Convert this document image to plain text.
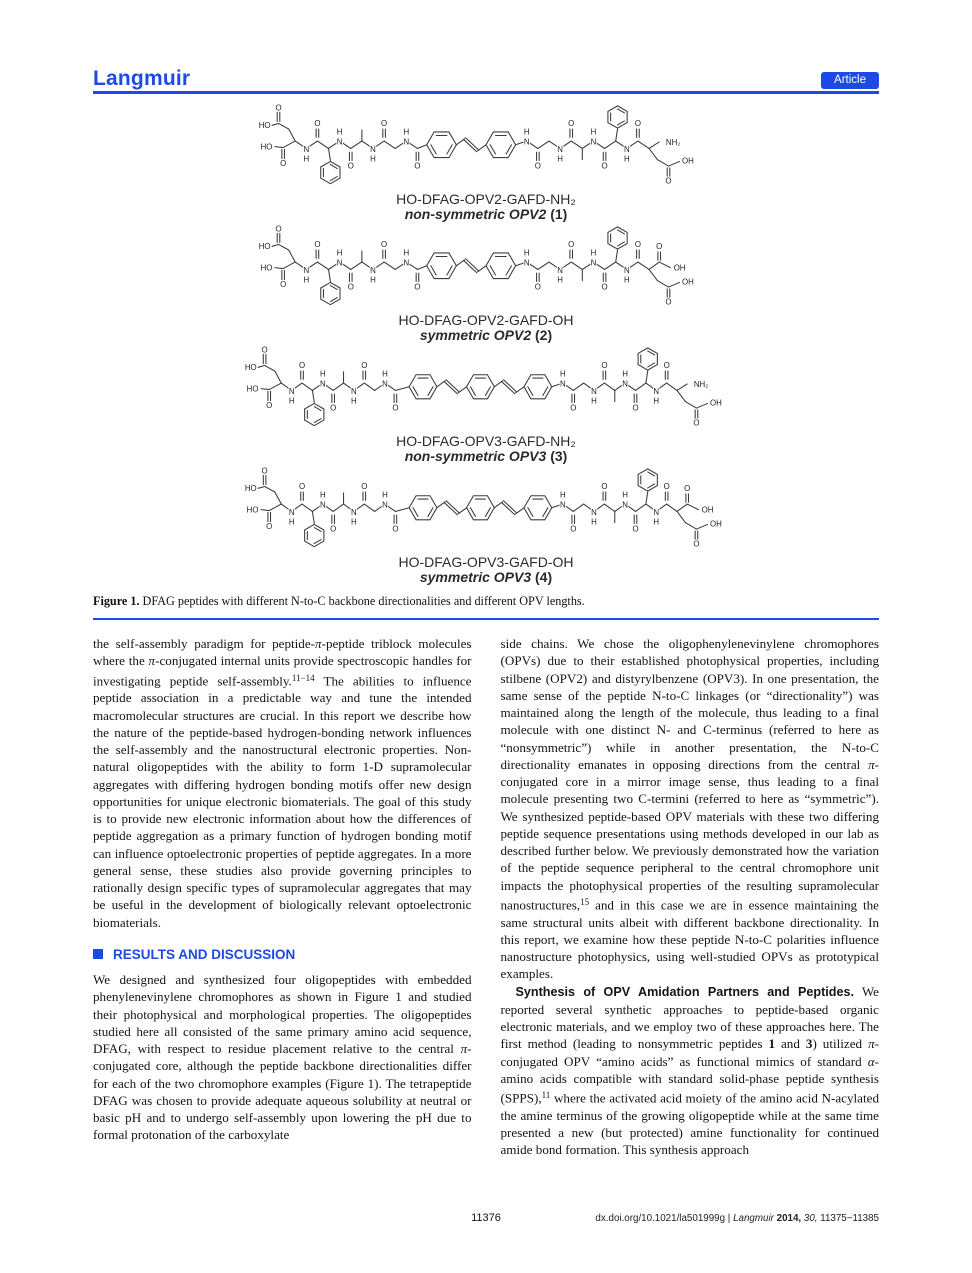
Langmuir	Article
O
HO
O
HO	N
H
O
N
H
O
N
H
O
N
H
O
N
H
O
N
H
O
N
H
O
N
H
O
O
OH
NH₂
HO-DFAG-OPV2-GAFD-NH₂
non-symmetric OPV2 (1)
O
HO
O
HO	N
H
O
N
H
O
N
H
O
N
H
O
N
H
O
N
H
O
N
H
O
N
H
O
O
OH
O
OH
HO-DFAG-OPV2-GAFD-OH
symmetric OPV2 (2)
O
HO
O
HO	N
H
O
N
H
O
N
H
O
N
H
O
N
H
O
N
H
O
N
H
O
N
H
O
O
OH
NH₂
HO-DFAG-OPV3-GAFD-NH₂
non-symmetric OPV3 (3)
O
HO
O
HO	N
H
O
N
H
O
N
H
O
N
H
O
N
H
O
N
H
O
N
H
O
N
H
O
O
OH
O
OH
HO-DFAG-OPV3-GAFD-OH
symmetric OPV3 (4)
Figure 1. DFAG peptides with different N-to-C backbone directionalities and different OPV lengths.

the self-assembly paradigm for peptide-π-peptide triblock molecules where the π-conjugated internal units provide spectroscopic handles for investigating peptide self-assembly.$^{11-14}$ The abilities to influence peptide association in a predictable way and tune the intended macromolecular structures are crucial. In this report we describe how the nature of the peptide-based hydrogen-bonding network influences the self-assembly and the nanostructural electronic properties. Non-natural oligopeptides with the ability to form 1-D supramolecular aggregates with differing hydrogen bonding motifs offer new design opportunities for unique electronic biomaterials. The goal of this study is to provide new electronic information about how the differences of peptide aggregation as a primary function of hydrogen bonding motif can influence optoelectronic properties of peptide aggregates. In a more general sense, these studies also provide governing principles to rationally design specific types of supramolecular aggregates that may be useful in the development of biologically relevant optoelectronic biomaterials.

RESULTS AND DISCUSSION

We designed and synthesized four oligopeptides with embedded phenylenevinylene chromophores as shown in Figure 1 and studied their photophysical and morphological properties. The oligopeptides studied here all consisted of the same primary amino acid sequence, DFAG, with respect to residue placement relative to the central π-conjugated core, although the peptide backbone directionalities differ for each of the two chromophore examples (Figure 1). The tetrapeptide DFAG was chosen to provide adequate aqueous solubility at neutral or basic pH and to undergo self-assembly upon lowering the pH due to formal protonation of the carboxylate

side chains. We chose the oligophenylenevinylene chromophores (OPVs) due to their established photophysical properties, including stilbene (OPV2) and distyrylbenzene (OPV3). In one presentation, the same sense of the peptide N-to-C linkages (or “directionality”) was maintained along the length of the molecule, thus leading to a final molecule with one distinct N- and C-terminus (referred to here as “nonsymmetric”) while in another presentation, the N-to-C directionality emanates in opposing directions from the central π-conjugated core in a mirror image sense, thus leading to a final molecule presenting two C-termini (referred to here as “symmetric”). We synthesized peptide-based OPV materials with these two differing peptide sequence presentations using methods developed in our lab as described further below. We previously demonstrated how the variation of the peptide sequence peripheral to the central chromophore unit impacts the photophysical properties of the resulting supramolecular nanostructures,$^{15}$ and in this case we are in essence maintaining the same structural units albeit with different backbone directionality. In this report, we examine how these peptide N-to-C polarities influence nanostructure photophysics, using well-studied OPVs as prototypical examples.

Synthesis of OPV Amidation Partners and Peptides. We reported several synthetic approaches to peptide-based organic electronic materials, and we employ two of these approaches here. The first method (leading to nonsymmetric peptides 1 and 3) utilized π-conjugated OPV “amino acids” as functional mimics of standard α-amino acids compatible with standard solid-phase peptide synthesis (SPPS),$^{11}$ where the activated acid moiety of the amino acid N-acylated the amine terminus of the growing oligopeptide while at the same time presented a new (but protected) amine functionality for continued amide bond formation. This synthesis approach

11376	dx.doi.org/10.1021/la501999g | Langmuir 2014, 30, 11375−11385
